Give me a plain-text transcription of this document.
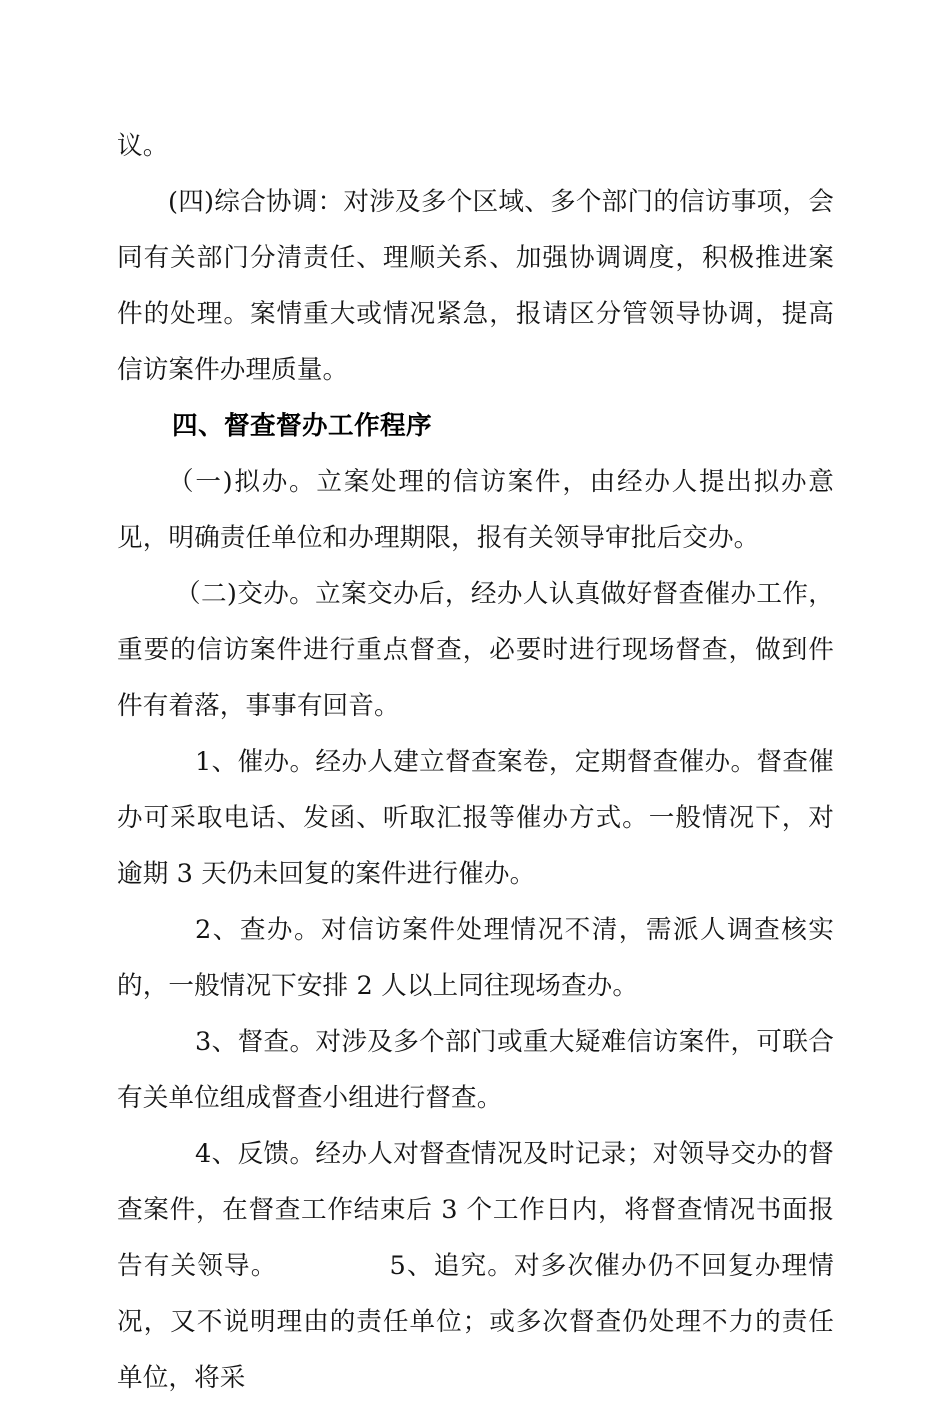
议。

(四)综合协调：对涉及多个区域、多个部门的信访事项，会同有关部门分清责任、理顺关系、加强协调调度，积极推进案件的处理。案情重大或情况紧急，报请区分管领导协调，提高信访案件办理质量。

四、督查督办工作程序

（一)拟办。立案处理的信访案件，由经办人提出拟办意见，明确责任单位和办理期限，报有关领导审批后交办。

（二)交办。立案交办后，经办人认真做好督查催办工作，重要的信访案件进行重点督查，必要时进行现场督查，做到件件有着落，事事有回音。

1、催办。经办人建立督查案卷，定期督查催办。督查催办可采取电话、发函、听取汇报等催办方式。一般情况下，对逾期 3 天仍未回复的案件进行催办。

2、查办。对信访案件处理情况不清，需派人调查核实的，一般情况下安排 2 人以上同往现场查办。

3、督查。对涉及多个部门或重大疑难信访案件，可联合有关单位组成督查小组进行督查。

4、反馈。经办人对督查情况及时记录；对领导交办的督查案件，在督查工作结束后 3 个工作日内，将督查情况书面报告有关领导。	5、追究。对多次催办仍不回复办理情况，又不说明理由的责任单位；或多次督查仍处理不力的责任单位，将采
